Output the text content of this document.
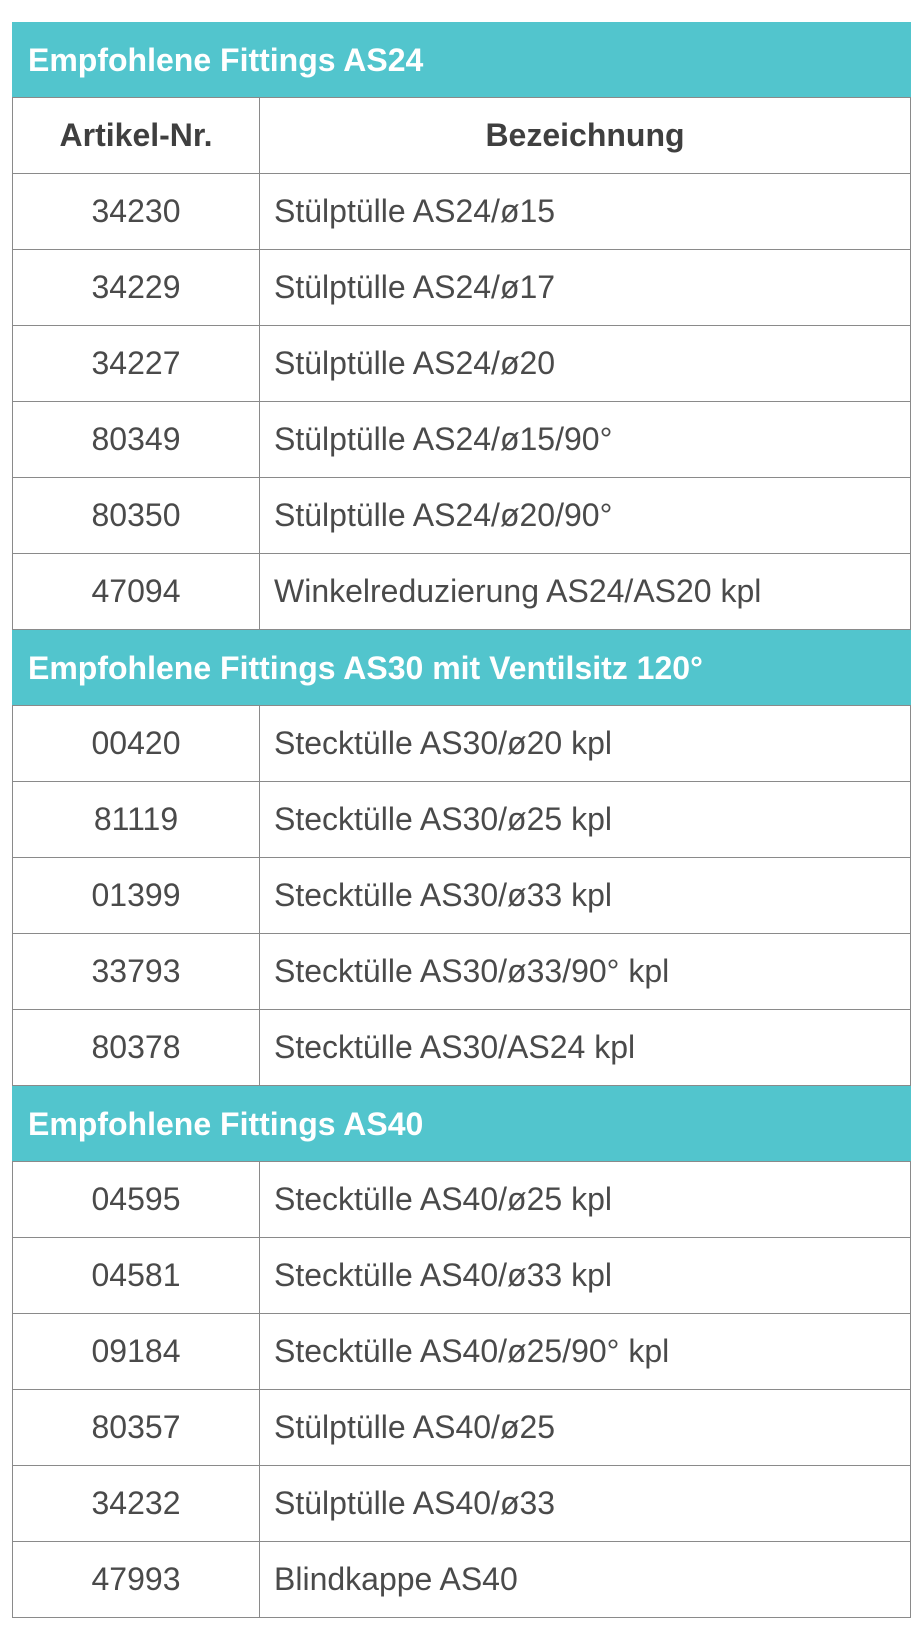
Empfohlene Fittings AS24
Artikel-Nr.	Bezeichnung
34230	Stülptülle AS24/ø15
34229	Stülptülle AS24/ø17
34227	Stülptülle AS24/ø20
80349	Stülptülle AS24/ø15/90°
80350	Stülptülle AS24/ø20/90°
47094	Winkelreduzierung AS24/AS20 kpl
Empfohlene Fittings AS30 mit Ventilsitz 120°
00420	Stecktülle AS30/ø20 kpl
81119	Stecktülle AS30/ø25 kpl
01399	Stecktülle AS30/ø33 kpl
33793	Stecktülle AS30/ø33/90° kpl
80378	Stecktülle AS30/AS24 kpl
Empfohlene Fittings AS40
04595	Stecktülle AS40/ø25 kpl
04581	Stecktülle AS40/ø33 kpl
09184	Stecktülle AS40/ø25/90° kpl
80357	Stülptülle AS40/ø25
34232	Stülptülle AS40/ø33
47993	Blindkappe AS40
